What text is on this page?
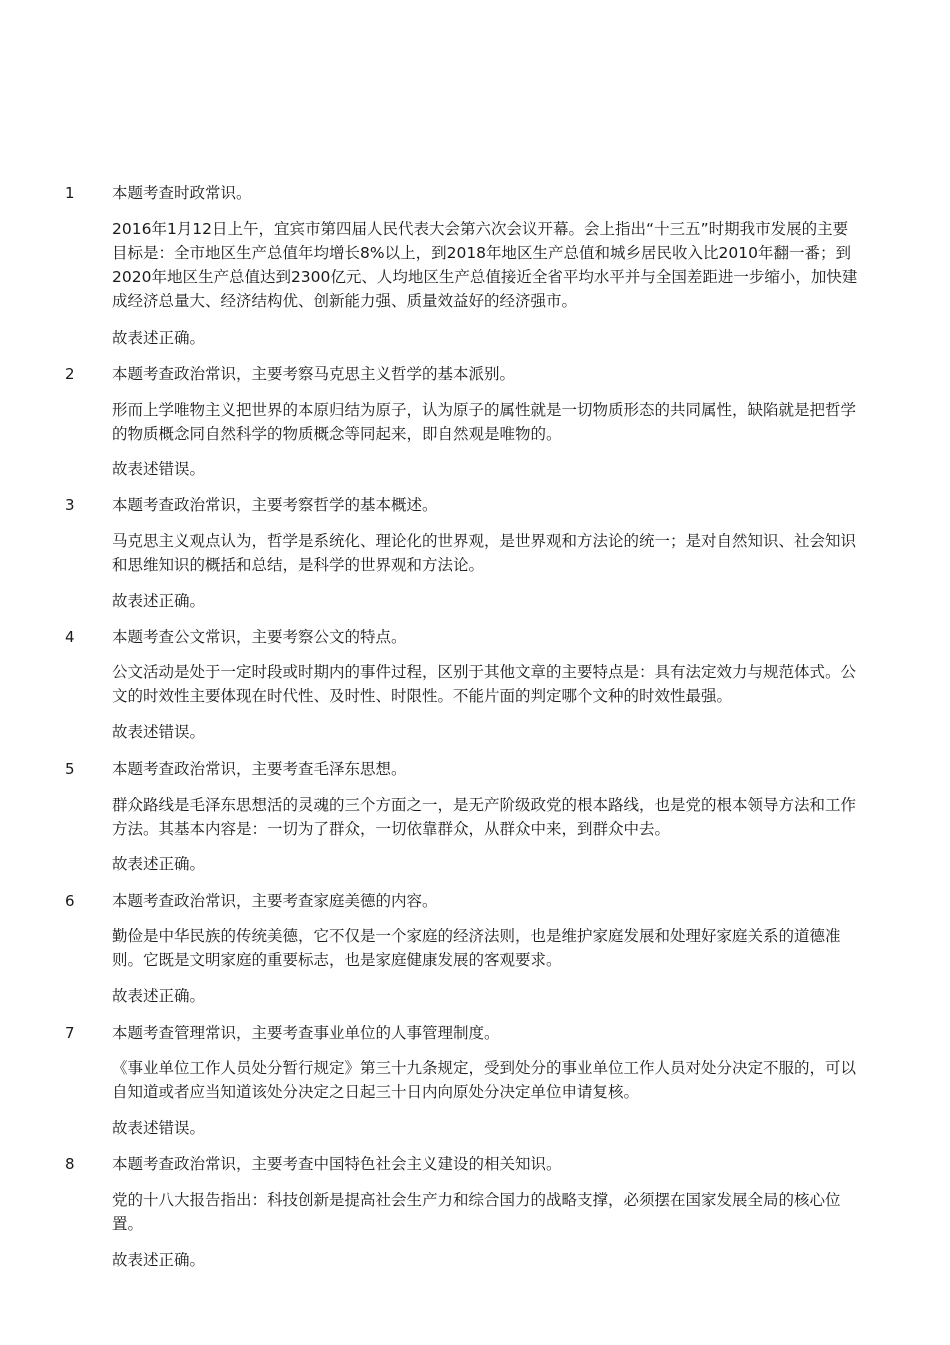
1 本题考查时政常识。
2016年1月12日上午，宜宾市第四届人民代表大会第六次会议开幕。会上指出“十三五”时期我市发展的主要目标是：全市地区生产总值年均增长8%以上，到2018年地区生产总值和城乡居民收入比2010年翻一番；到2020年地区生产总值达到2300亿元、人均地区生产总值接近全省平均水平并与全国差距进一步缩小，加快建成经济总量大、经济结构优、创新能力强、质量效益好的经济强市。
故表述正确。
2 本题考查政治常识，主要考察马克思主义哲学的基本派别。
形而上学唯物主义把世界的本原归结为原子，认为原子的属性就是一切物质形态的共同属性，缺陷就是把哲学的物质概念同自然科学的物质概念等同起来，即自然观是唯物的。
故表述错误。
3 本题考查政治常识，主要考察哲学的基本概述。
马克思主义观点认为，哲学是系统化、理论化的世界观，是世界观和方法论的统一；是对自然知识、社会知识和思维知识的概括和总结，是科学的世界观和方法论。
故表述正确。
4 本题考查公文常识，主要考察公文的特点。
公文活动是处于一定时段或时期内的事件过程，区别于其他文章的主要特点是：具有法定效力与规范体式。公文的时效性主要体现在时代性、及时性、时限性。不能片面的判定哪个文种的时效性最强。
故表述错误。
5 本题考查政治常识，主要考查毛泽东思想。
群众路线是毛泽东思想活的灵魂的三个方面之一，是无产阶级政党的根本路线，也是党的根本领导方法和工作方法。其基本内容是：一切为了群众，一切依靠群众，从群众中来，到群众中去。
故表述正确。
6 本题考查政治常识，主要考查家庭美德的内容。
勤俭是中华民族的传统美德，它不仅是一个家庭的经济法则，也是维护家庭发展和处理好家庭关系的道德准则。它既是文明家庭的重要标志，也是家庭健康发展的客观要求。
故表述正确。
7 本题考查管理常识，主要考查事业单位的人事管理制度。
《事业单位工作人员处分暂行规定》第三十九条规定，受到处分的事业单位工作人员对处分决定不服的，可以自知道或者应当知道该处分决定之日起三十日内向原处分决定单位申请复核。
故表述错误。
8 本题考查政治常识，主要考查中国特色社会主义建设的相关知识。
党的十八大报告指出：科技创新是提高社会生产力和综合国力的战略支撑，必须摆在国家发展全局的核心位置。
故表述正确。
